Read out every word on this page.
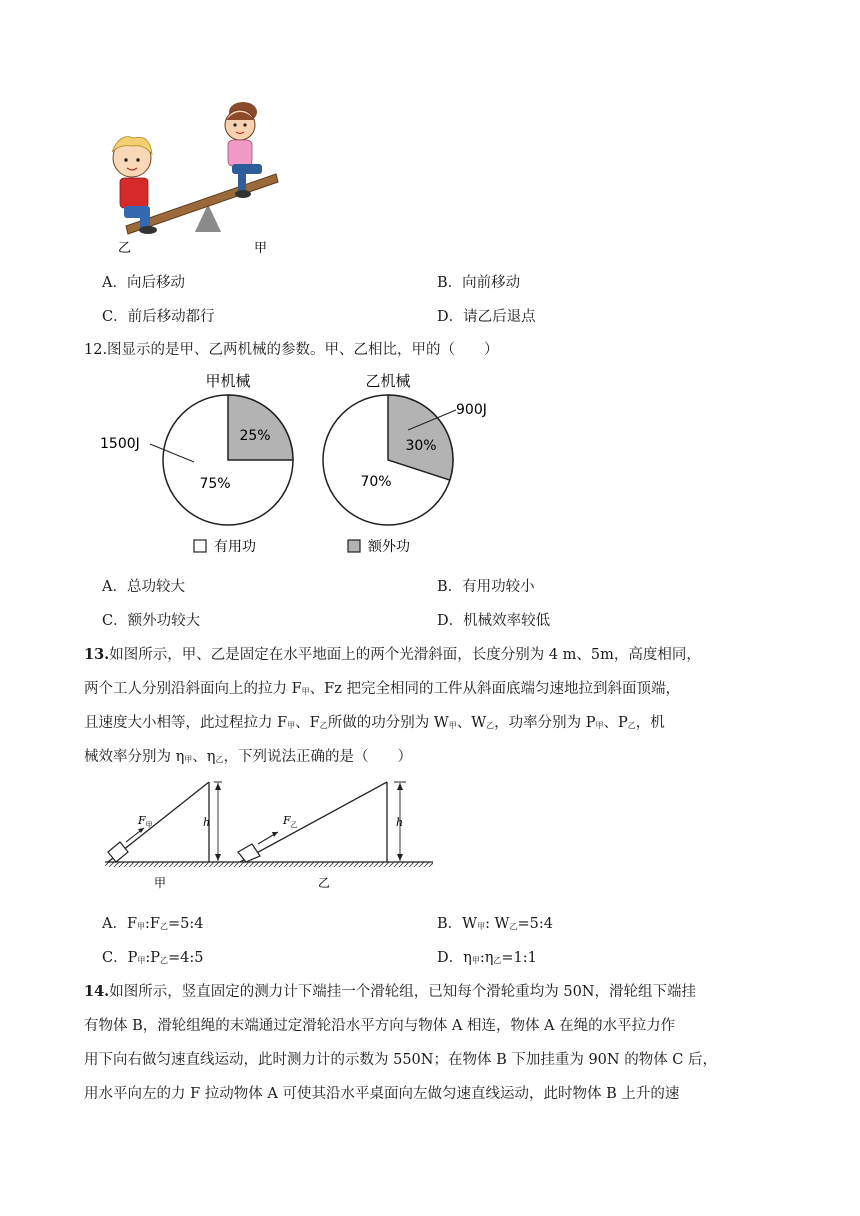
乙	甲
A．向后移动	B．向前移动
C．前后移动都行	D．请乙后退点
12.图显示的是甲、乙两机械的参数。甲、乙相比，甲的（　　）
甲机械
25%
75%
1500J
乙机械
30%
70%
900J
有用功	额外功
A．总功较大	B．有用功较小
C．额外功较大	D．机械效率较低
13.如图所示，甲、乙是固定在水平地面上的两个光滑斜面，长度分别为 4 m、5m，高度相同，
两个工人分别沿斜面向上的拉力 $F_甲$、Fz 把完全相同的工件从斜面底端匀速地拉到斜面顶端，
且速度大小相等，此过程拉力 $F_甲$、$F_乙$所做的功分别为 $W_甲$、$W_乙$，功率分别为 $P_甲$、$P_乙$，机
械效率分别为 $\eta_甲$、$\eta_乙$，下列说法正确的是（　　）
$F_甲$	h	$F_乙$	h
甲	乙
A．$F_甲:F_乙=5:4$	B．$W_甲$: $W_乙=5:4$
C．$P_甲:P_乙=4:5$	D．$\eta_甲:\eta_乙=1:1$
14.如图所示，竖直固定的测力计下端挂一个滑轮组，已知每个滑轮重均为 50N，滑轮组下端挂
有物体 B，滑轮组绳的末端通过定滑轮沿水平方向与物体 A 相连，物体 A 在绳的水平拉力作
用下向右做匀速直线运动，此时测力计的示数为 550N；在物体 B 下加挂重为 90N 的物体 C 后，
用水平向左的力 F 拉动物体 A 可使其沿水平桌面向左做匀速直线运动，此时物体 B 上升的速
